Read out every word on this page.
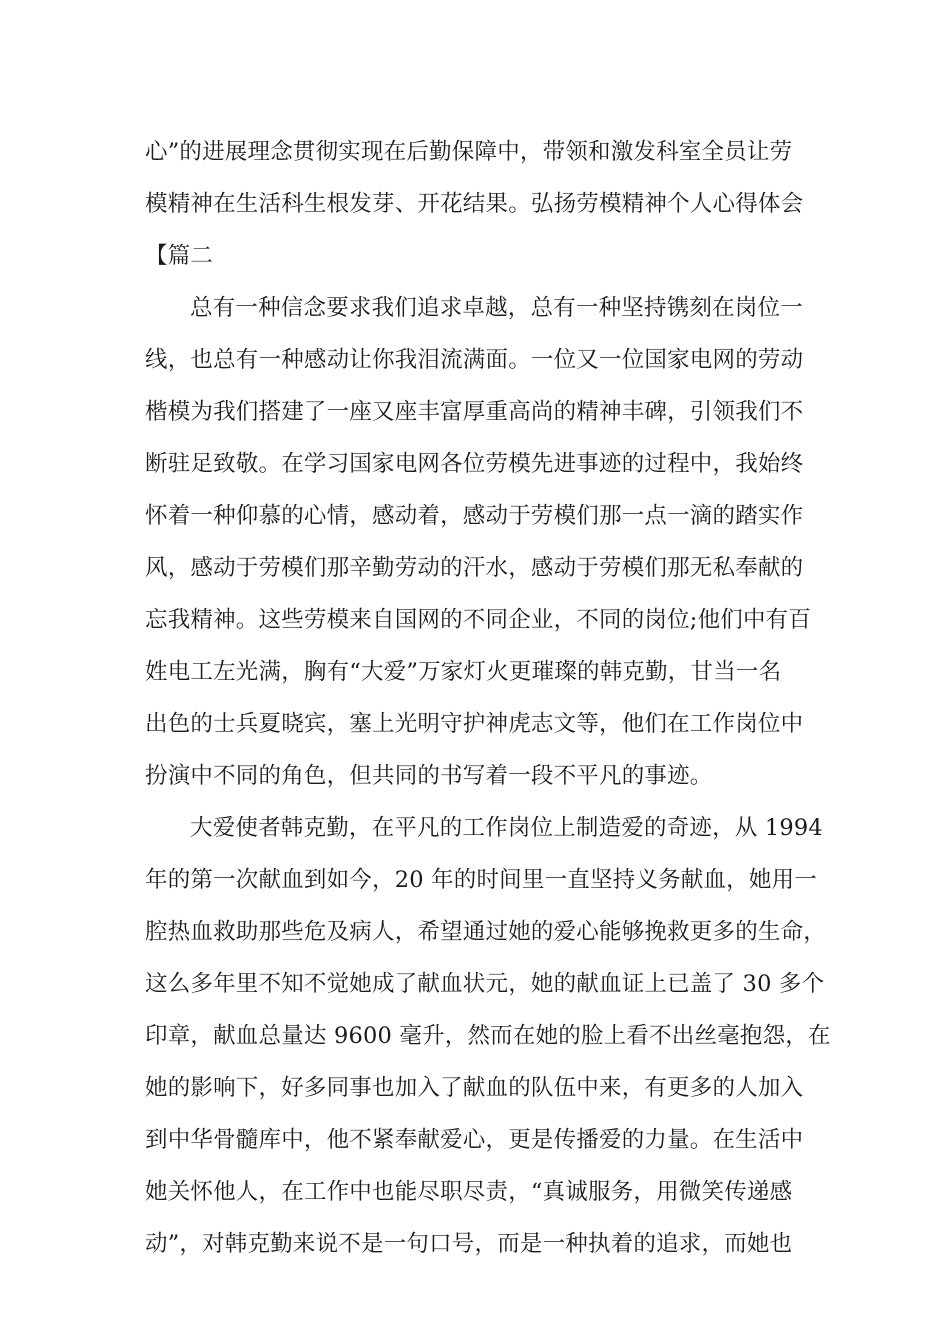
心”的进展理念贯彻实现在后勤保障中，带领和激发科室全员让劳
模精神在生活科生根发芽、开花结果。弘扬劳模精神个人心得体会
【篇二
总有一种信念要求我们追求卓越，总有一种坚持镌刻在岗位一
线，也总有一种感动让你我泪流满面。一位又一位国家电网的劳动
楷模为我们搭建了一座又座丰富厚重高尚的精神丰碑，引领我们不
断驻足致敬。在学习国家电网各位劳模先进事迹的过程中，我始终
怀着一种仰慕的心情，感动着，感动于劳模们那一点一滴的踏实作
风，感动于劳模们那辛勤劳动的汗水，感动于劳模们那无私奉献的
忘我精神。这些劳模来自国网的不同企业，不同的岗位;他们中有百
姓电工左光满，胸有“大爱”万家灯火更璀璨的韩克勤，甘当一名
出色的士兵夏晓宾，塞上光明守护神虎志文等，他们在工作岗位中
扮演中不同的角色，但共同的书写着一段不平凡的事迹。
大爱使者韩克勤，在平凡的工作岗位上制造爱的奇迹，从 1994
年的第一次献血到如今，20 年的时间里一直坚持义务献血，她用一
腔热血救助那些危及病人，希望通过她的爱心能够挽救更多的生命，
这么多年里不知不觉她成了献血状元，她的献血证上已盖了 30 多个
印章，献血总量达 9600 毫升，然而在她的脸上看不出丝毫抱怨，在
她的影响下，好多同事也加入了献血的队伍中来，有更多的人加入
到中华骨髓库中，他不紧奉献爱心，更是传播爱的力量。在生活中
她关怀他人，在工作中也能尽职尽责，“真诚服务，用微笑传递感
动”，对韩克勤来说不是一句口号，而是一种执着的追求，而她也
